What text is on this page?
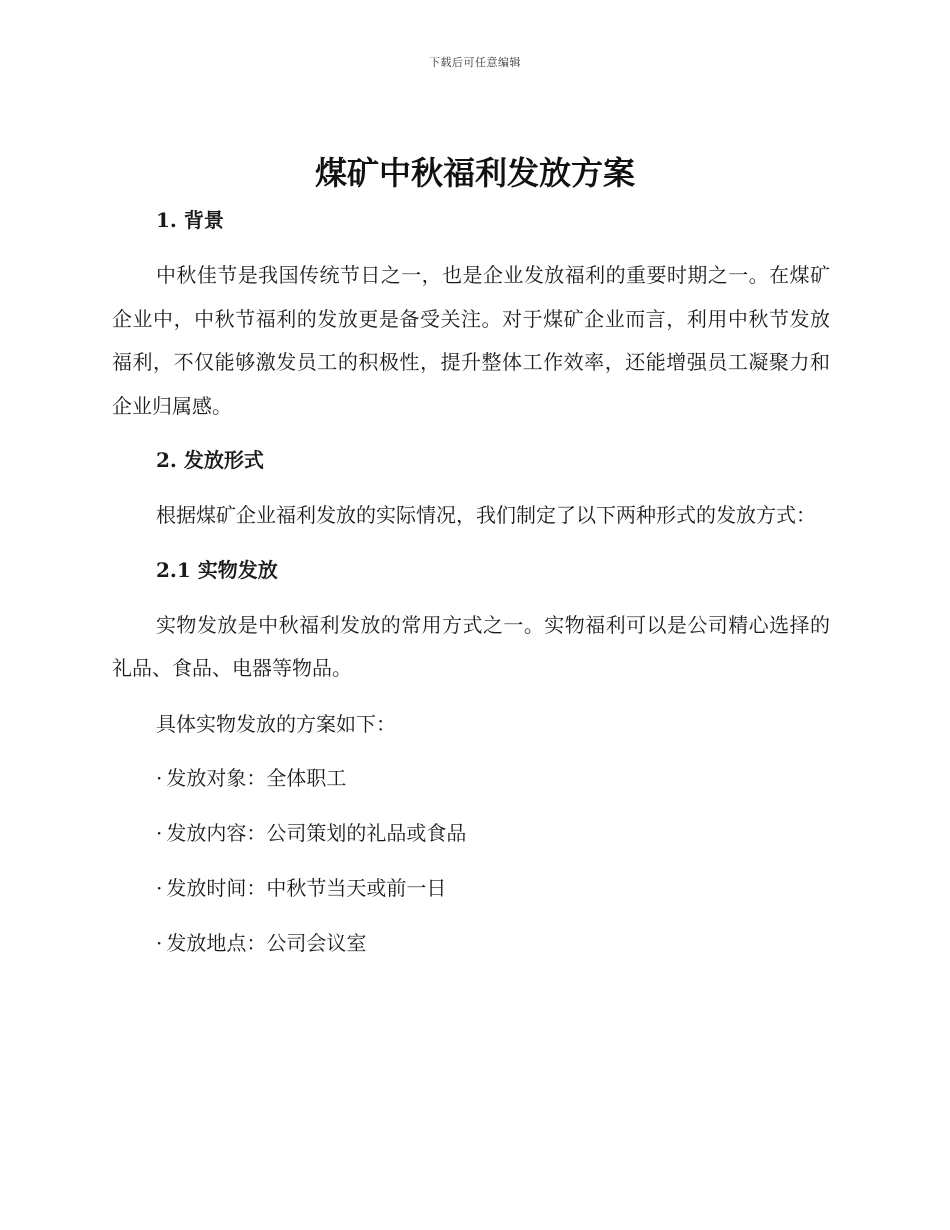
下载后可任意编辑
煤矿中秋福利发放方案

1. 背景

中秋佳节是我国传统节日之一，也是企业发放福利的重要时期之一。在煤矿企业中，中秋节福利的发放更是备受关注。对于煤矿企业而言，利用中秋节发放福利，不仅能够激发员工的积极性，提升整体工作效率，还能增强员工凝聚力和企业归属感。

2. 发放形式

根据煤矿企业福利发放的实际情况，我们制定了以下两种形式的发放方式：

2.1 实物发放

实物发放是中秋福利发放的常用方式之一。实物福利可以是公司精心选择的礼品、食品、电器等物品。

具体实物发放的方案如下：

· 发放对象：全体职工

· 发放内容：公司策划的礼品或食品

· 发放时间：中秋节当天或前一日

· 发放地点：公司会议室
